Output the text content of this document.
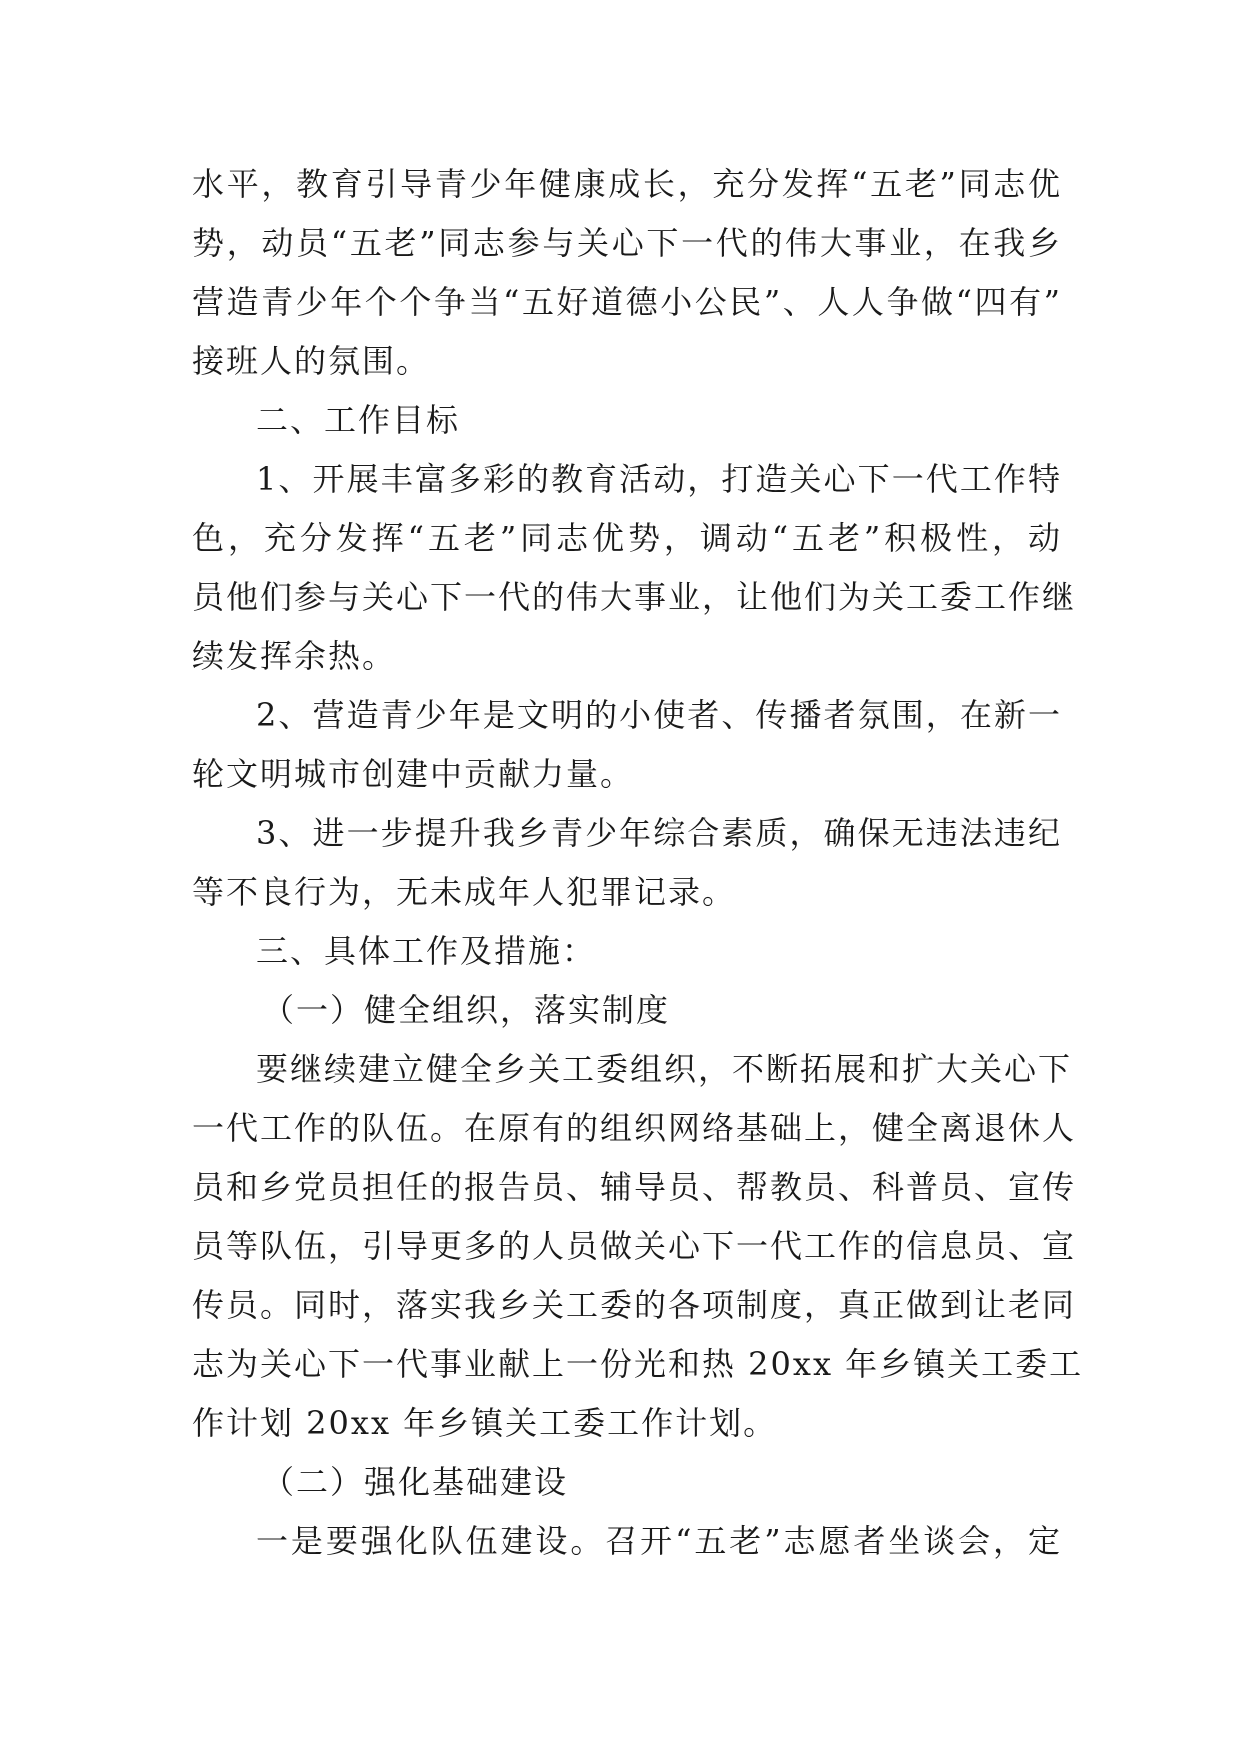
水平，教育引导青少年健康成长，充分发挥“五老”同志优
势，动员“五老”同志参与关心下一代的伟大事业，在我乡
营造青少年个个争当“五好道德小公民”、人人争做“四有”
接班人的氛围。
二、工作目标
1、开展丰富多彩的教育活动，打造关心下一代工作特
色，充分发挥“五老”同志优势，调动“五老”积极性，动
员他们参与关心下一代的伟大事业，让他们为关工委工作继
续发挥余热。
2、营造青少年是文明的小使者、传播者氛围，在新一
轮文明城市创建中贡献力量。
3、进一步提升我乡青少年综合素质，确保无违法违纪
等不良行为，无未成年人犯罪记录。
三、具体工作及措施：
（一）健全组织，落实制度
要继续建立健全乡关工委组织，不断拓展和扩大关心下
一代工作的队伍。在原有的组织网络基础上，健全离退休人
员和乡党员担任的报告员、辅导员、帮教员、科普员、宣传
员等队伍，引导更多的人员做关心下一代工作的信息员、宣
传员。同时，落实我乡关工委的各项制度，真正做到让老同
志为关心下一代事业献上一份光和热 20xx 年乡镇关工委工
作计划 20xx 年乡镇关工委工作计划。
（二）强化基础建设
一是要强化队伍建设。召开“五老”志愿者坐谈会，定
